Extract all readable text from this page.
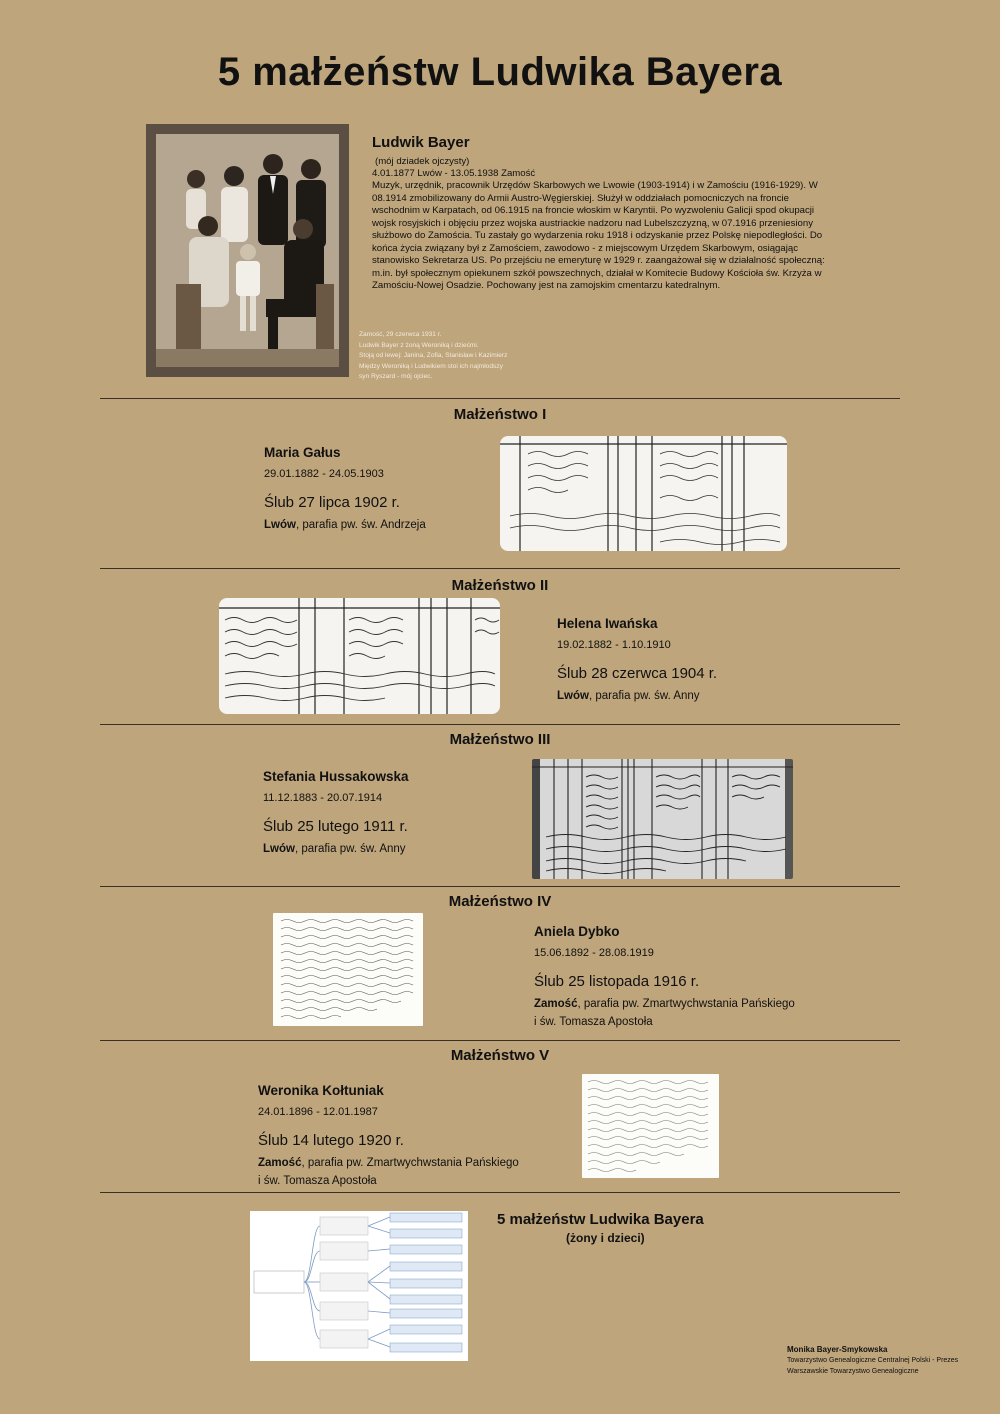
5 małżeństw Ludwika Bayera
Ludwik Bayer
(mój dziadek ojczysty)
4.01.1877 Lwów - 13.05.1938 Zamość
Muzyk, urzędnik, pracownik Urzędów Skarbowych we Lwowie (1903-1914) i w Zamościu (1916-1929). W 08.1914 zmobilizowany do Armii Austro-Węgierskiej. Służył w oddziałach pomocniczych na froncie wschodnim w Karpatach, od 06.1915 na froncie włoskim w Karyntii. Po wyzwoleniu Galicji spod okupacji wojsk rosyjskich i objęciu przez wojska austriackie nadzoru nad Lubelszczyzną, w 07.1916 przeniesiony służbowo do Zamościa. Tu zastały go wydarzenia roku 1918 i odzyskanie przez Polskę niepodległości. Do końca życia związany był z Zamościem, zawodowo - z miejscowym Urzędem Skarbowym, osiągając stanowisko Sekretarza US. Po przejściu ne emeryturę w 1929 r. zaangażował się w działalność społeczną: m.in. był społecznym opiekunem szkół powszechnych, działał w Komitecie Budowy Kościoła św. Krzyża w Zamościu-Nowej Osadzie. Pochowany jest na zamojskim cmentarzu katedralnym.
Zamość, 29 czerwca 1931 r.
Ludwik Bayer z żoną Weroniką i dziećmi.
Stoją od lewej: Janina, Zofia, Stanisław i Kazimierz
Między Weroniką i Ludwikiem stoi ich najmłodszy
syn Ryszard - mój ojciec.
Małżeństwo I
Maria Gałus
29.01.1882 - 24.05.1903
Ślub 27 lipca 1902 r.
Lwów, parafia pw. św. Andrzeja
Małżeństwo II
Helena Iwańska
19.02.1882 - 1.10.1910
Ślub 28 czerwca 1904 r.
Lwów, parafia pw. św. Anny
Małżeństwo III
Stefania Hussakowska
11.12.1883 - 20.07.1914
Ślub 25 lutego 1911 r.
Lwów, parafia pw. św. Anny
Małżeństwo IV
Aniela Dybko
15.06.1892 - 28.08.1919
Ślub 25 listopada 1916 r.
Zamość, parafia pw. Zmartwychwstania Pańskiego
i św. Tomasza Apostoła
Małżeństwo V
Weronika Kołtuniak
24.01.1896 - 12.01.1987
Ślub 14 lutego 1920 r.
Zamość, parafia pw. Zmartwychwstania Pańskiego
i św. Tomasza Apostoła
5 małżeństw Ludwika Bayera
(żony i dzieci)
Monika Bayer-Smykowska
Towarzystwo Genealogiczne Centralnej Polski - Prezes
Warszawskie Towarzystwo Genealogiczne
